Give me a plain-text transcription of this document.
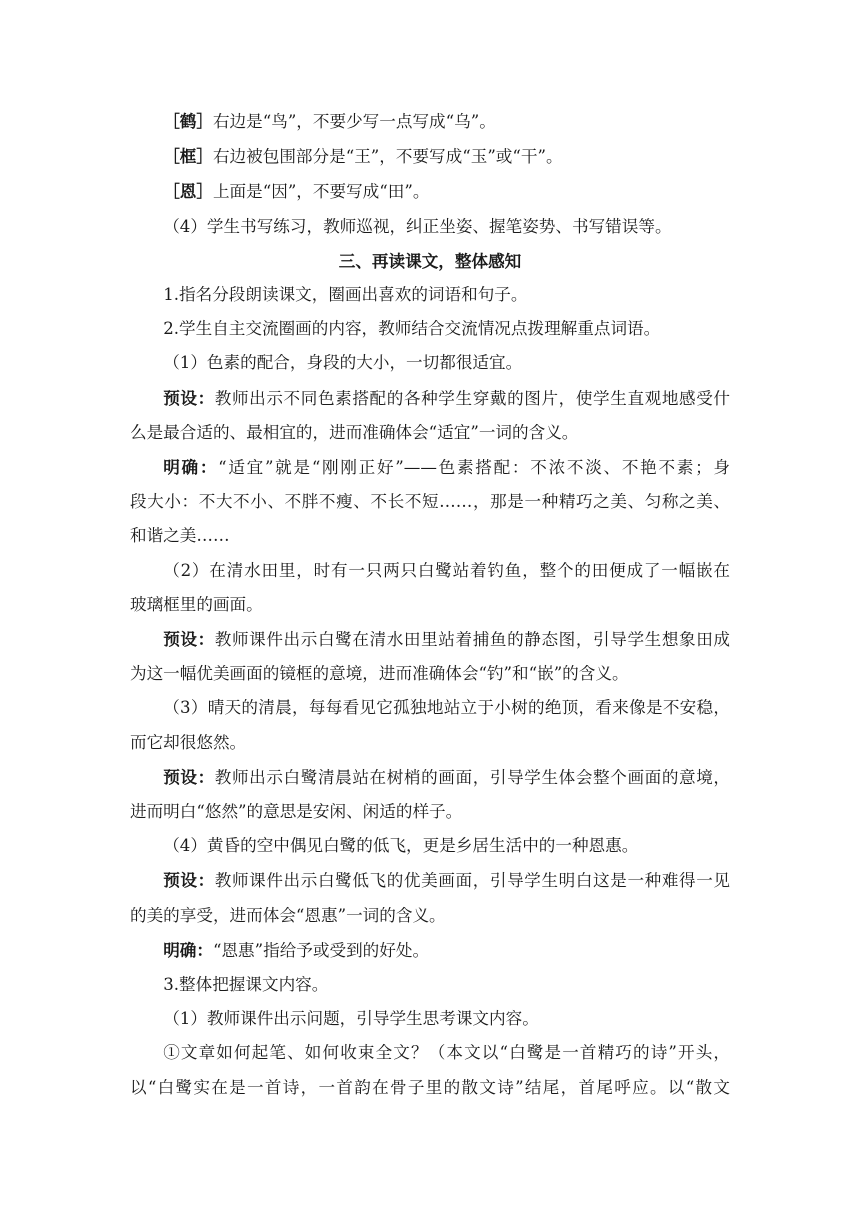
［鹤］右边是“鸟”，不要少写一点写成“乌”。

［框］右边被包围部分是“王”，不要写成“玉”或“干”。

［恩］上面是“因”，不要写成“田”。

（4）学生书写练习，教师巡视，纠正坐姿、握笔姿势、书写错误等。

三、再读课文，整体感知

1.指名分段朗读课文，圈画出喜欢的词语和句子。

2.学生自主交流圈画的内容，教师结合交流情况点拨理解重点词语。

（1）色素的配合，身段的大小，一切都很适宜。

预设：教师出示不同色素搭配的各种学生穿戴的图片，使学生直观地感受什

么是最合适的、最相宜的，进而准确体会“适宜”一词的含义。

明确：“适宜”就是“刚刚正好”——色素搭配：不浓不淡、不艳不素；身

段大小：不大不小、不胖不瘦、不长不短……，那是一种精巧之美、匀称之美、

和谐之美……

（2）在清水田里，时有一只两只白鹭站着钓鱼，整个的田便成了一幅嵌在

玻璃框里的画面。

预设：教师课件出示白鹭在清水田里站着捕鱼的静态图，引导学生想象田成

为这一幅优美画面的镜框的意境，进而准确体会“钓”和“嵌”的含义。

（3）晴天的清晨，每每看见它孤独地站立于小树的绝顶，看来像是不安稳，

而它却很悠然。

预设：教师出示白鹭清晨站在树梢的画面，引导学生体会整个画面的意境，

进而明白“悠然”的意思是安闲、闲适的样子。

（4）黄昏的空中偶见白鹭的低飞，更是乡居生活中的一种恩惠。

预设：教师课件出示白鹭低飞的优美画面，引导学生明白这是一种难得一见

的美的享受，进而体会“恩惠”一词的含义。

明确：“恩惠”指给予或受到的好处。

3.整体把握课文内容。

（1）教师课件出示问题，引导学生思考课文内容。

①文章如何起笔、如何收束全文？（本文以“白鹭是一首精巧的诗”开头，

以“白鹭实在是一首诗，一首韵在骨子里的散文诗”结尾，首尾呼应。以“散文
